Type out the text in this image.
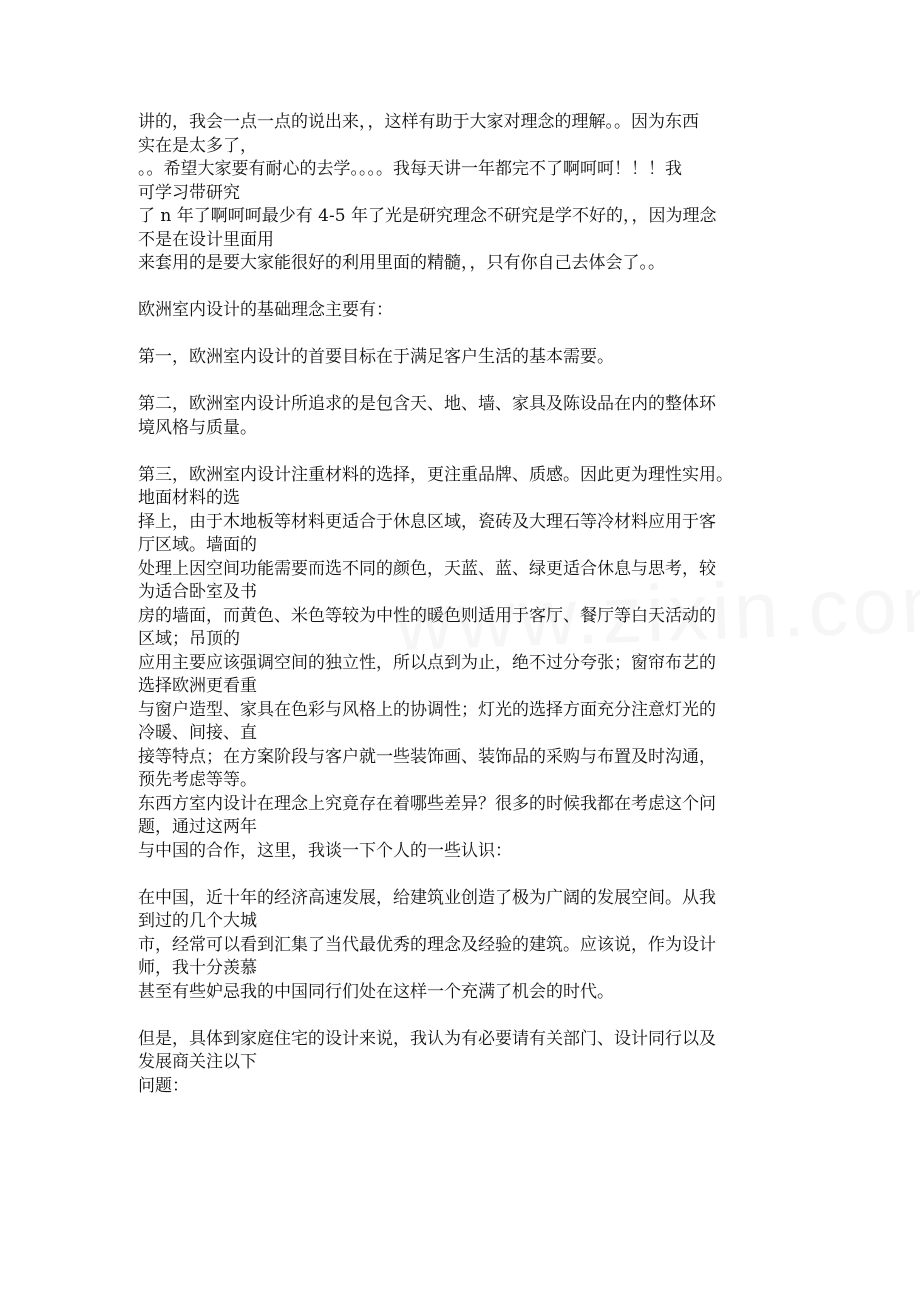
讲的，我会一点一点的说出来，，这样有助于大家对理念的理解。。因为东西
实在是太多了，
。。希望大家要有耐心的去学。。。。我每天讲一年都完不了啊呵呵！！！我
可学习带研究
了 n 年了啊呵呵最少有 4-5 年了光是研究理念不研究是学不好的，，因为理念
不是在设计里面用
来套用的是要大家能很好的利用里面的精髓，，只有你自己去体会了。。
欧洲室内设计的基础理念主要有：
第一，欧洲室内设计的首要目标在于满足客户生活的基本需要。
第二，欧洲室内设计所追求的是包含天、地、墙、家具及陈设品在内的整体环
境风格与质量。
第三，欧洲室内设计注重材料的选择，更注重品牌、质感。因此更为理性实用。
地面材料的选
择上，由于木地板等材料更适合于休息区域，瓷砖及大理石等冷材料应用于客
厅区域。墙面的
处理上因空间功能需要而选不同的颜色，天蓝、蓝、绿更适合休息与思考，较
为适合卧室及书
房的墙面，而黄色、米色等较为中性的暖色则适用于客厅、餐厅等白天活动的
区域；吊顶的
应用主要应该强调空间的独立性，所以点到为止，绝不过分夸张；窗帘布艺的
选择欧洲更看重
与窗户造型、家具在色彩与风格上的协调性；灯光的选择方面充分注意灯光的
冷暖、间接、直
接等特点；在方案阶段与客户就一些装饰画、装饰品的采购与布置及时沟通，
预先考虑等等。
东西方室内设计在理念上究竟存在着哪些差异？很多的时候我都在考虑这个问
题，通过这两年
与中国的合作，这里，我谈一下个人的一些认识：
在中国，近十年的经济高速发展，给建筑业创造了极为广阔的发展空间。从我
到过的几个大城
市，经常可以看到汇集了当代最优秀的理念及经验的建筑。应该说，作为设计
师，我十分羡慕
甚至有些妒忌我的中国同行们处在这样一个充满了机会的时代。
但是，具体到家庭住宅的设计来说，我认为有必要请有关部门、设计同行以及
发展商关注以下
问题：
